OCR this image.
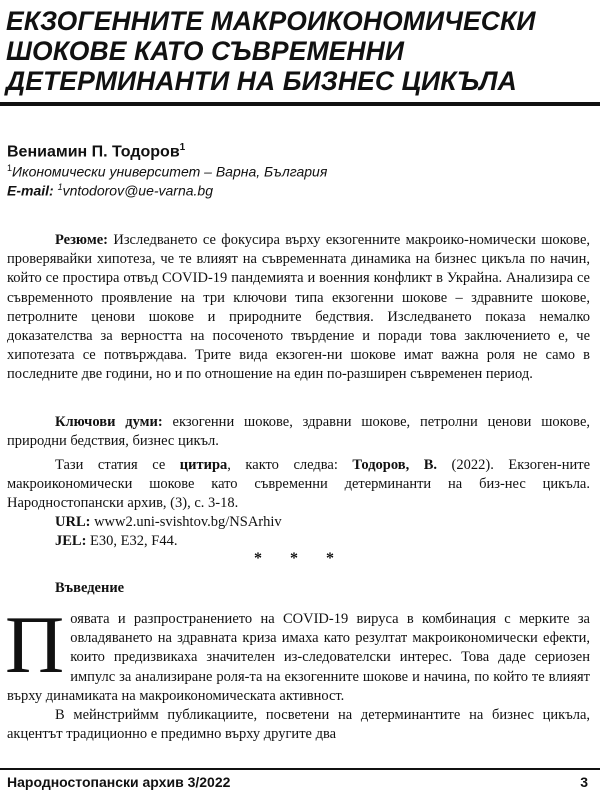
ЕКЗОГЕННИТЕ МАКРОИКОНОМИЧЕСКИ
ШОКОВЕ КАТО СЪВРЕМЕННИ
ДЕТЕРМИНАНТИ НА БИЗНЕС ЦИКЪЛА
Вениамин П. Тодоров$^1$
$^1$Икономически университет – Варна, България
E-mail: $^1$vntodorov@ue-varna.bg

Резюме: Изследването се фокусира върху екзогенните макроико-номически шокове, проверявайки хипотеза, че те влияят на съвременната динамика на бизнес цикъла по начин, който се простира отвъд COVID-19 пандемията и военния конфликт в Украйна. Анализира се съвременното проявление на три ключови типа екзогенни шокове – здравните шокове, петролните ценови шокове и природните бедствия. Изследването показа немалко доказателства за верността на посоченото твърдение и поради това заключението е, че хипотезата се потвърждава. Трите вида екзоген-ни шокове имат важна роля не само в последните две години, но и по отношение на един по-разширен съвременен период.

Ключови думи: екзогенни шокове, здравни шокове, петролни ценови шокове, природни бедствия, бизнес цикъл.

Тази статия се цитира, както следва: Тодоров, В. (2022). Екзоген-ните макроикономически шокове като съвременни детерминанти на биз-нес цикъла. Народностопански архив, (3), с. 3-18.

URL: www2.uni-svishtov.bg/NSArhiv
JEL: E30, E32, F44.
* * *
Въведение
П оявата и разпространението на COVID-19 вируса в комбинация с мерките за овладяването на здравната криза имаха като резултат макроикономически ефекти, които предизвикаха значителен из-следователски интерес. Това даде сериозен импулс за анализиране роля-та на екзогенните шокове и начина, по който те влияят върху динамиката на макроикономическата активност.

В мейнстриймм публикациите, посветени на детерминантите на бизнес цикъла, акцентът традиционно е предимно върху другите два

Народностопански архив 3/2022	3
